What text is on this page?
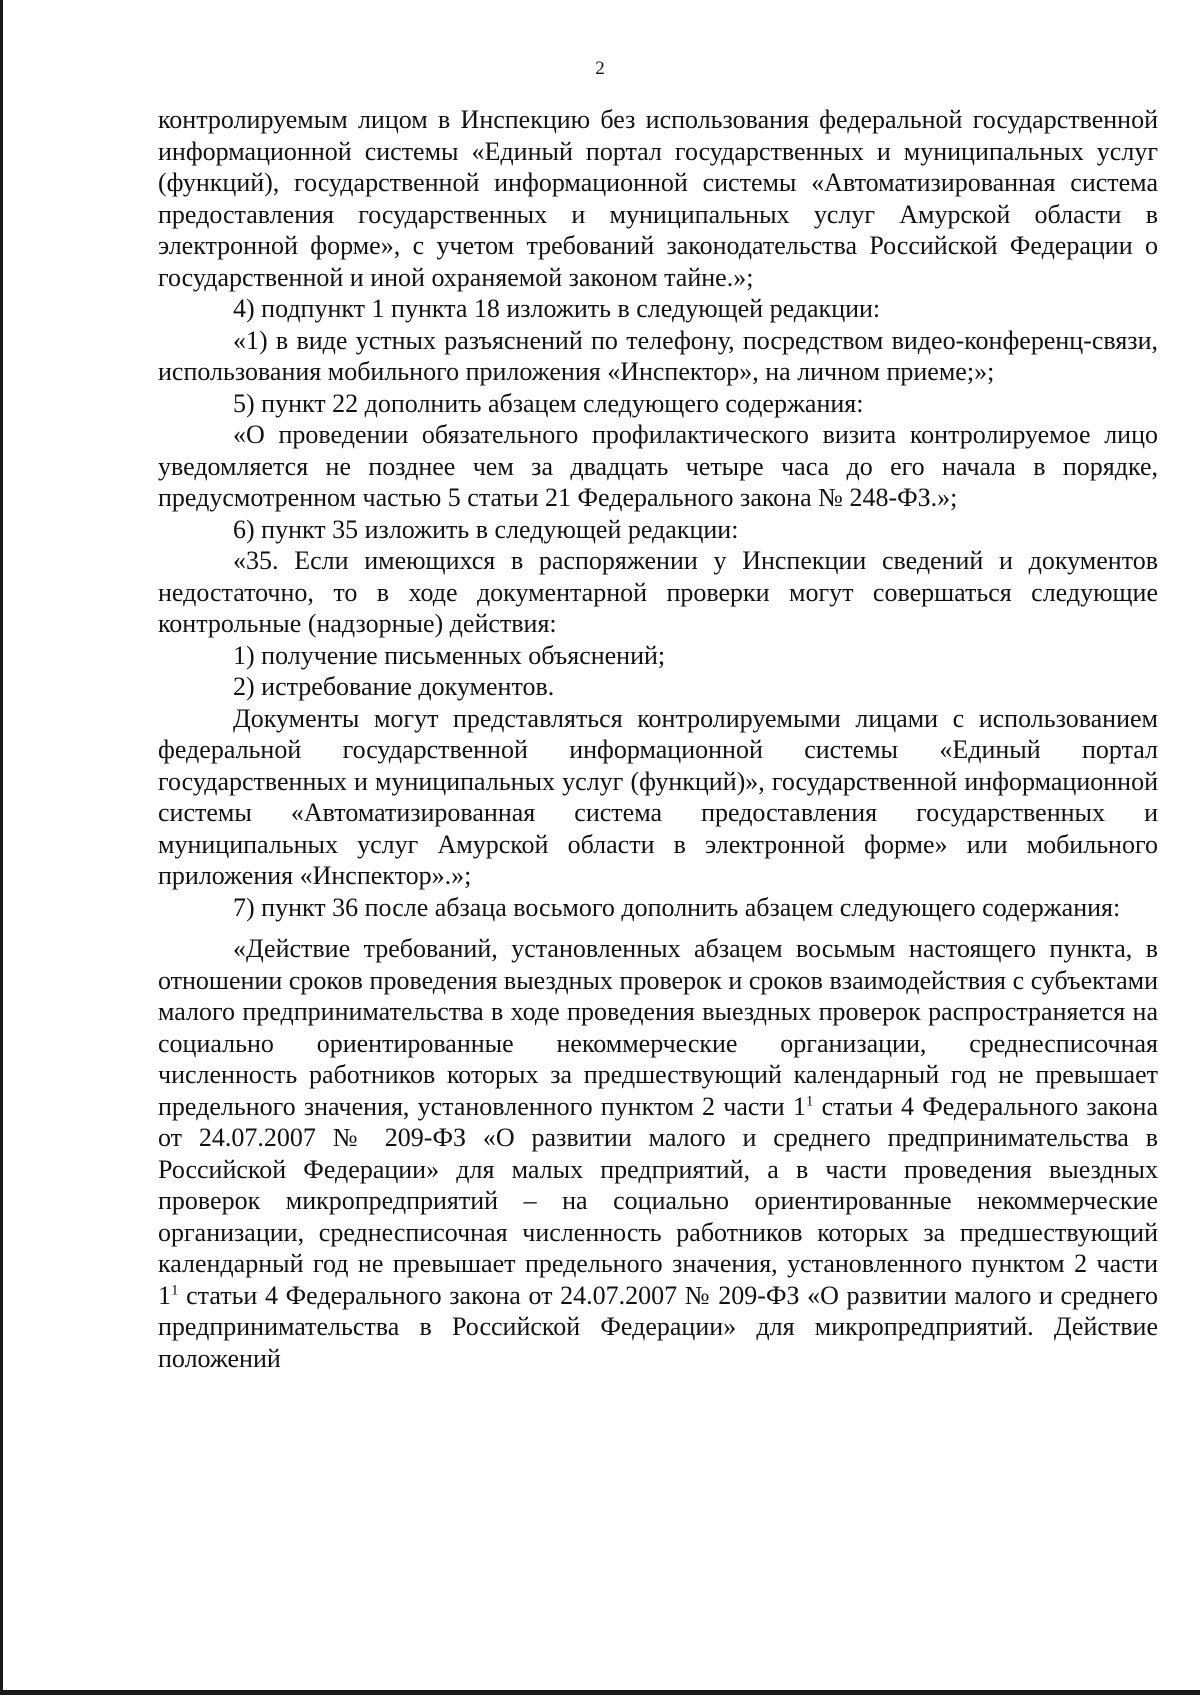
2

контролируемым лицом в Инспекцию без использования федеральной государственной информационной системы «Единый портал государственных и муниципальных услуг (функций), государственной информационной системы «Автоматизированная система предоставления государственных и муниципальных услуг Амурской области в электронной форме», с учетом требований законодательства Российской Федерации о государственной и иной охраняемой законом тайне.»;

4) подпункт 1 пункта 18 изложить в следующей редакции:

«1) в виде устных разъяснений по телефону, посредством видео-конференц-связи, использования мобильного приложения «Инспектор», на личном приеме;»;

5) пункт 22 дополнить абзацем следующего содержания:

«О проведении обязательного профилактического визита контролируемое лицо уведомляется не позднее чем за двадцать четыре часа до его начала в порядке, предусмотренном частью 5 статьи 21 Федерального закона № 248-ФЗ.»;

6) пункт 35 изложить в следующей редакции:

«35. Если имеющихся в распоряжении у Инспекции сведений и документов недостаточно, то в ходе документарной проверки могут совершаться следующие контрольные (надзорные) действия:

1) получение письменных объяснений;

2) истребование документов.

Документы могут представляться контролируемыми лицами с использованием федеральной государственной информационной системы «Единый портал государственных и муниципальных услуг (функций)», государственной информационной системы «Автоматизированная система предоставления государственных и муниципальных услуг Амурской области в электронной форме» или мобильного приложения «Инспектор».»;

7) пункт 36 после абзаца восьмого дополнить абзацем следующего содержания:

«Действие требований, установленных абзацем восьмым настоящего пункта, в отношении сроков проведения выездных проверок и сроков взаимодействия с субъектами малого предпринимательства в ходе проведения выездных проверок распространяется на социально ориентированные некоммерческие организации, среднесписочная численность работников которых за предшествующий календарный год не превышает предельного значения, установленного пунктом 2 части $1^1$ статьи 4 Федерального закона от 24.07.2007 № 209-ФЗ «О развитии малого и среднего предпринимательства в Российской Федерации» для малых предприятий, а в части проведения выездных проверок микропредприятий – на социально ориентированные некоммерческие организации, среднесписочная численность работников которых за предшествующий календарный год не превышает предельного значения, установленного пунктом 2 части $1^1$ статьи 4 Федерального закона от 24.07.2007 № 209-ФЗ «О развитии малого и среднего предпринимательства в Российской Федерации» для микропредприятий. Действие положений
